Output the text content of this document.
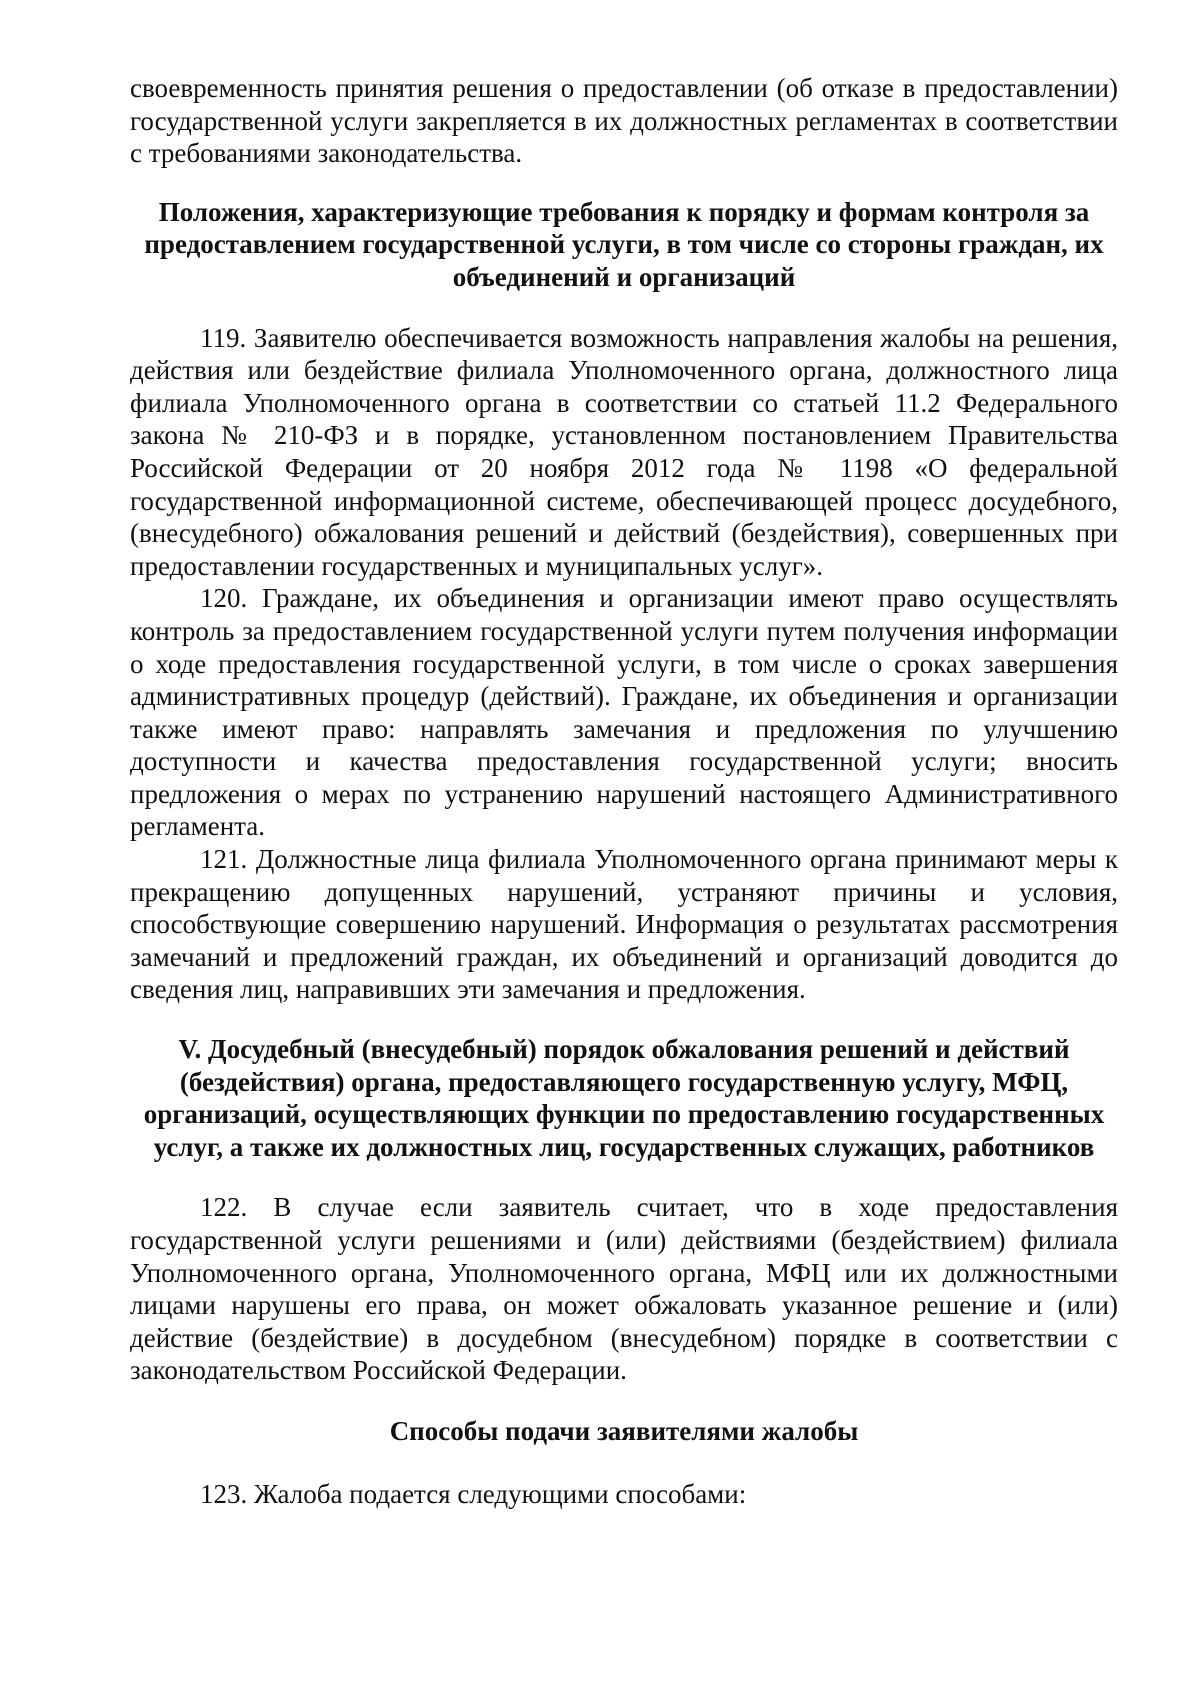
своевременность принятия решения о предоставлении (об отказе в предоставлении) государственной услуги закрепляется в их должностных регламентах в соответствии с требованиями законодательства.

Положения, характеризующие требования к порядку и формам контроля за предоставлением государственной услуги, в том числе со стороны граждан, их объединений и организаций

119. Заявителю обеспечивается возможность направления жалобы на решения, действия или бездействие филиала Уполномоченного органа, должностного лица филиала Уполномоченного органа в соответствии со статьей 11.2 Федерального закона № 210-ФЗ и в порядке, установленном постановлением Правительства Российской Федерации от 20 ноября 2012 года № 1198 «О федеральной государственной информационной системе, обеспечивающей процесс досудебного, (внесудебного) обжалования решений и действий (бездействия), совершенных при предоставлении государственных и муниципальных услуг».

120. Граждане, их объединения и организации имеют право осуществлять контроль за предоставлением государственной услуги путем получения информации о ходе предоставления государственной услуги, в том числе о сроках завершения административных процедур (действий). Граждане, их объединения и организации также имеют право: направлять замечания и предложения по улучшению доступности и качества предоставления государственной услуги; вносить предложения о мерах по устранению нарушений настоящего Административного регламента.

121. Должностные лица филиала Уполномоченного органа принимают меры к прекращению допущенных нарушений, устраняют причины и условия, способствующие совершению нарушений. Информация о результатах рассмотрения замечаний и предложений граждан, их объединений и организаций доводится до сведения лиц, направивших эти замечания и предложения.

V. Досудебный (внесудебный) порядок обжалования решений и действий (бездействия) органа, предоставляющего государственную услугу, МФЦ, организаций, осуществляющих функции по предоставлению государственных услуг, а также их должностных лиц, государственных служащих, работников

122. В случае если заявитель считает, что в ходе предоставления государственной услуги решениями и (или) действиями (бездействием) филиала Уполномоченного органа, Уполномоченного органа, МФЦ или их должностными лицами нарушены его права, он может обжаловать указанное решение и (или) действие (бездействие) в досудебном (внесудебном) порядке в соответствии с законодательством Российской Федерации.

Способы подачи заявителями жалобы

123. Жалоба подается следующими способами:
